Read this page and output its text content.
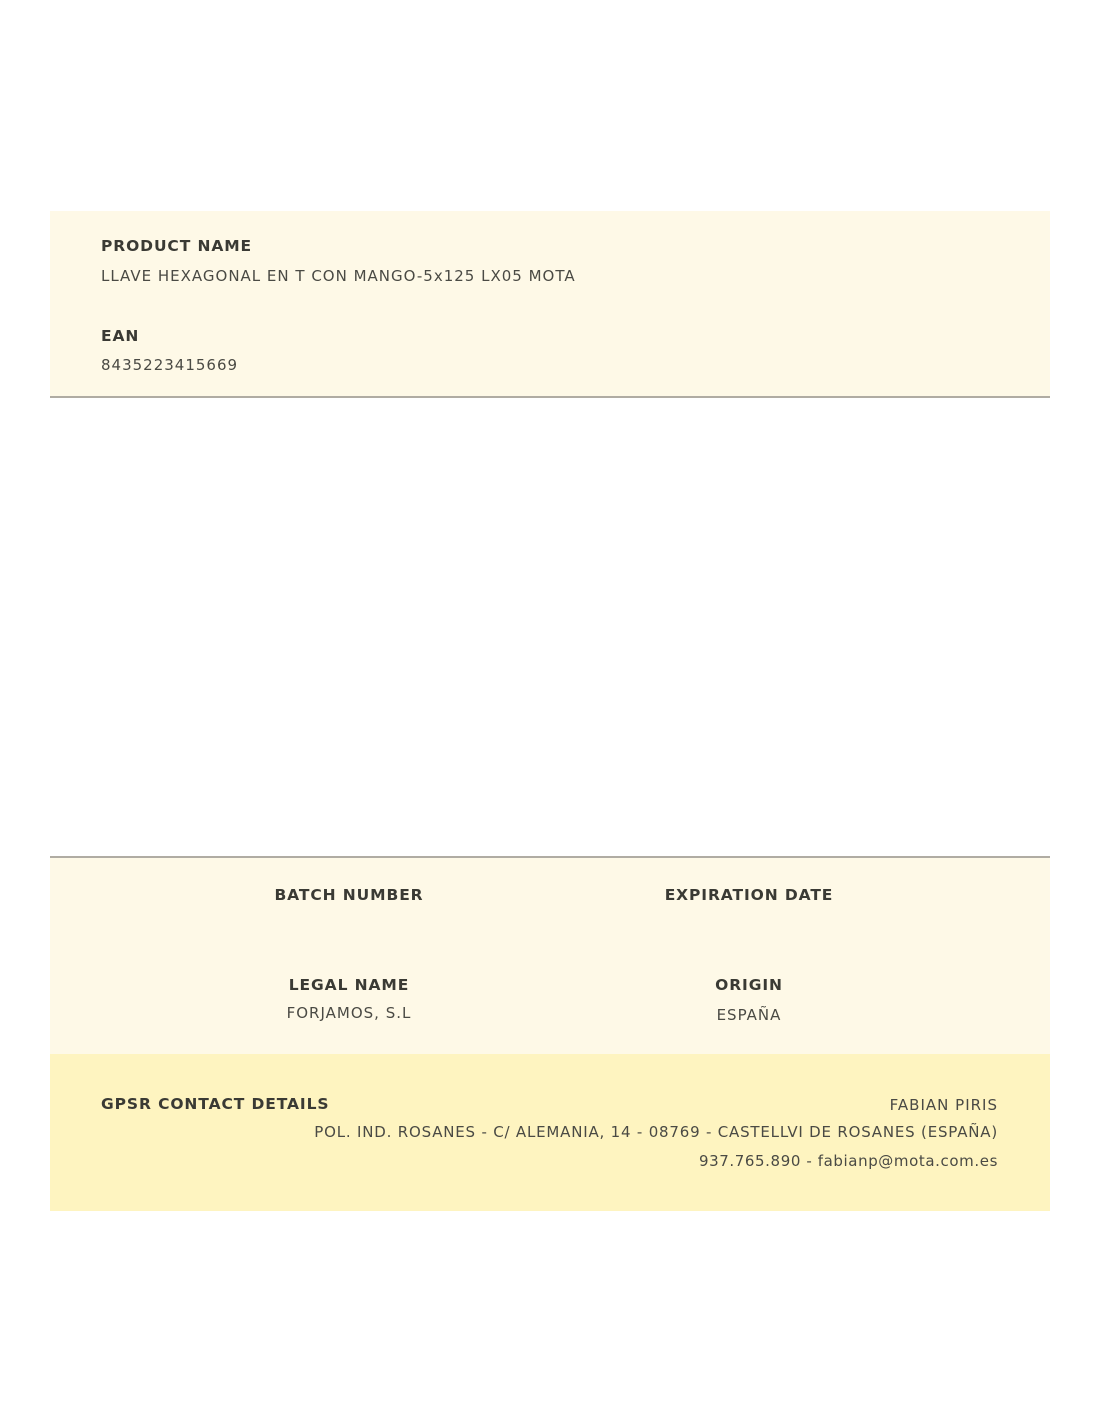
PRODUCT NAME
LLAVE HEXAGONAL EN T CON MANGO-5x125 LX05 MOTA
EAN
8435223415669
BATCH NUMBER	EXPIRATION DATE
LEGAL NAME
FORJAMOS, S.L
ORIGIN
ESPAÑA
GPSR CONTACT DETAILS	FABIAN PIRIS
POL. IND. ROSANES - C/ ALEMANIA, 14 - 08769 - CASTELLVI DE ROSANES (ESPAÑA)
937.765.890 - fabianp@mota.com.es
